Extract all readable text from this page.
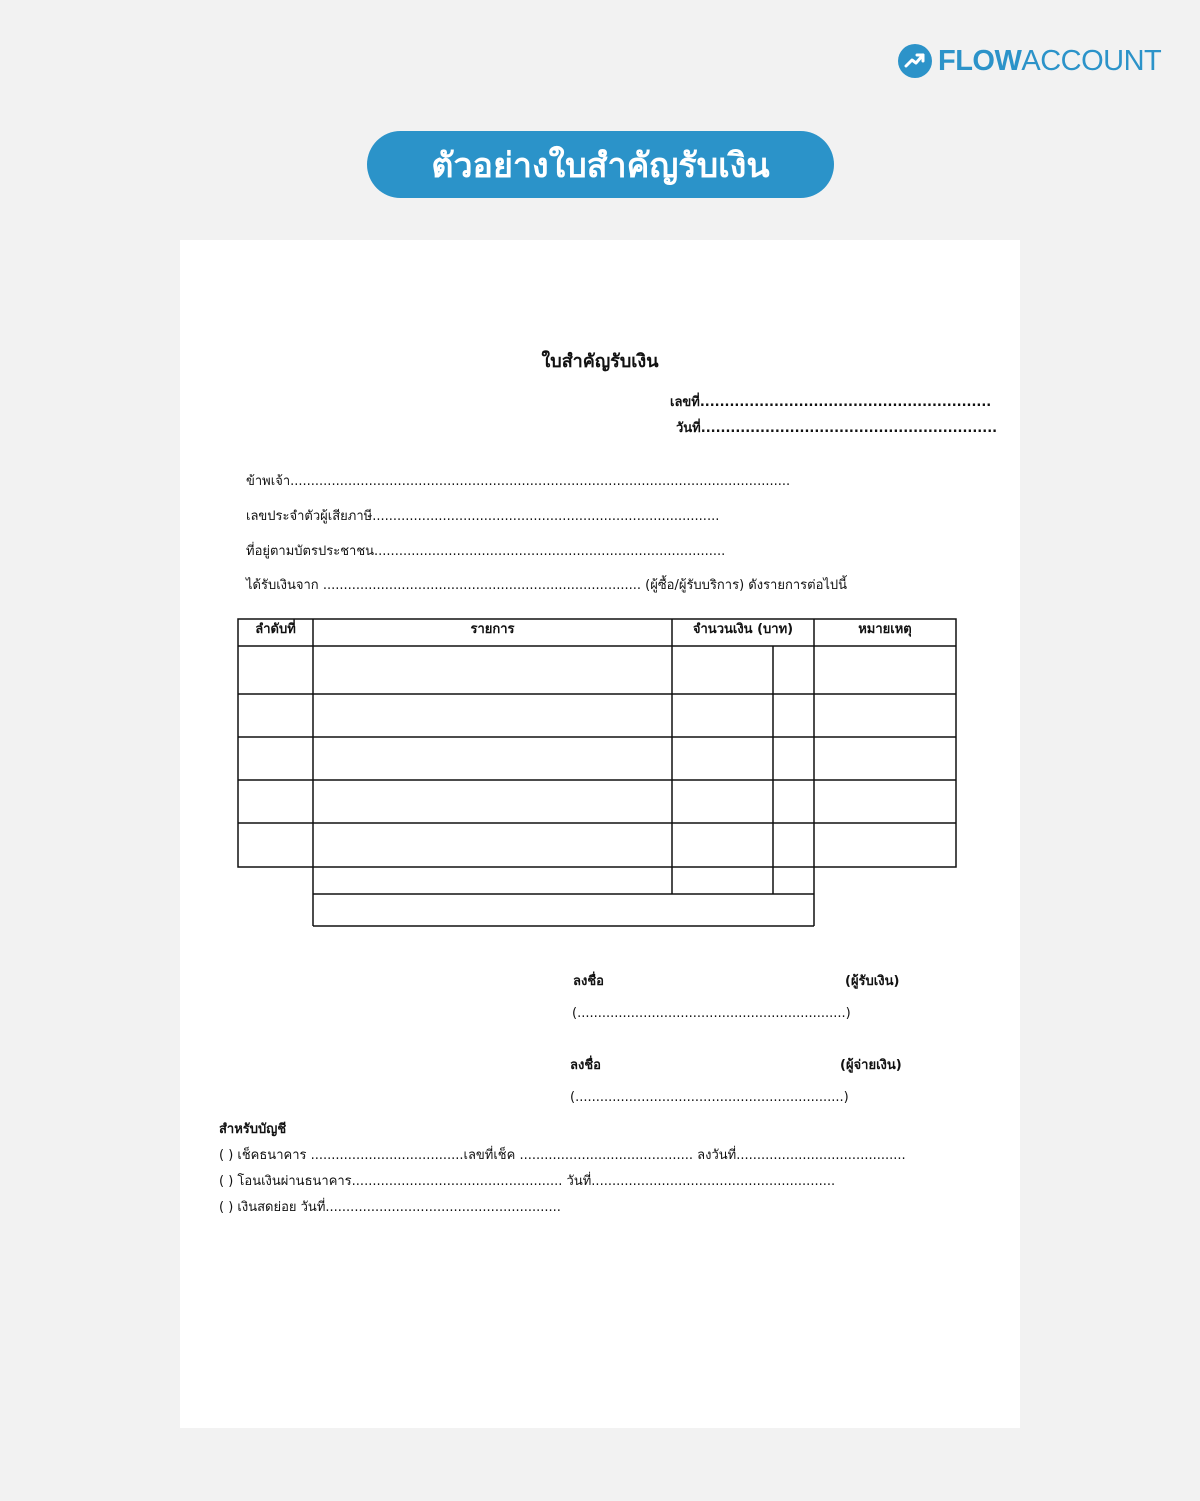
FLOWACCOUNT
ตัวอย่างใบสำคัญรับเงิน
ใบสำคัญรับเงิน
เลขที่...........................................................
วันที่............................................................
ข้าพเจ้า.........................................................................................................................
เลขประจำตัวผู้เสียภาษี....................................................................................
ที่อยู่ตามบัตรประชาชน.....................................................................................
ได้รับเงินจาก ............................................................................. (ผู้ซื้อ/ผู้รับบริการ) ดังรายการต่อไปนี้
ลำดับที่	รายการ	จำนวนเงิน (บาท)	หมายเหตุ
ลงชื่อ	(ผู้รับเงิน)
(.................................................................)
ลงชื่อ	(ผู้จ่ายเงิน)
(.................................................................)
สำหรับบัญชี
( ) เช็คธนาคาร .....................................เลขที่เช็ค .......................................... ลงวันที่.........................................
( ) โอนเงินผ่านธนาคาร................................................... วันที่...........................................................
( ) เงินสดย่อย วันที่.........................................................
